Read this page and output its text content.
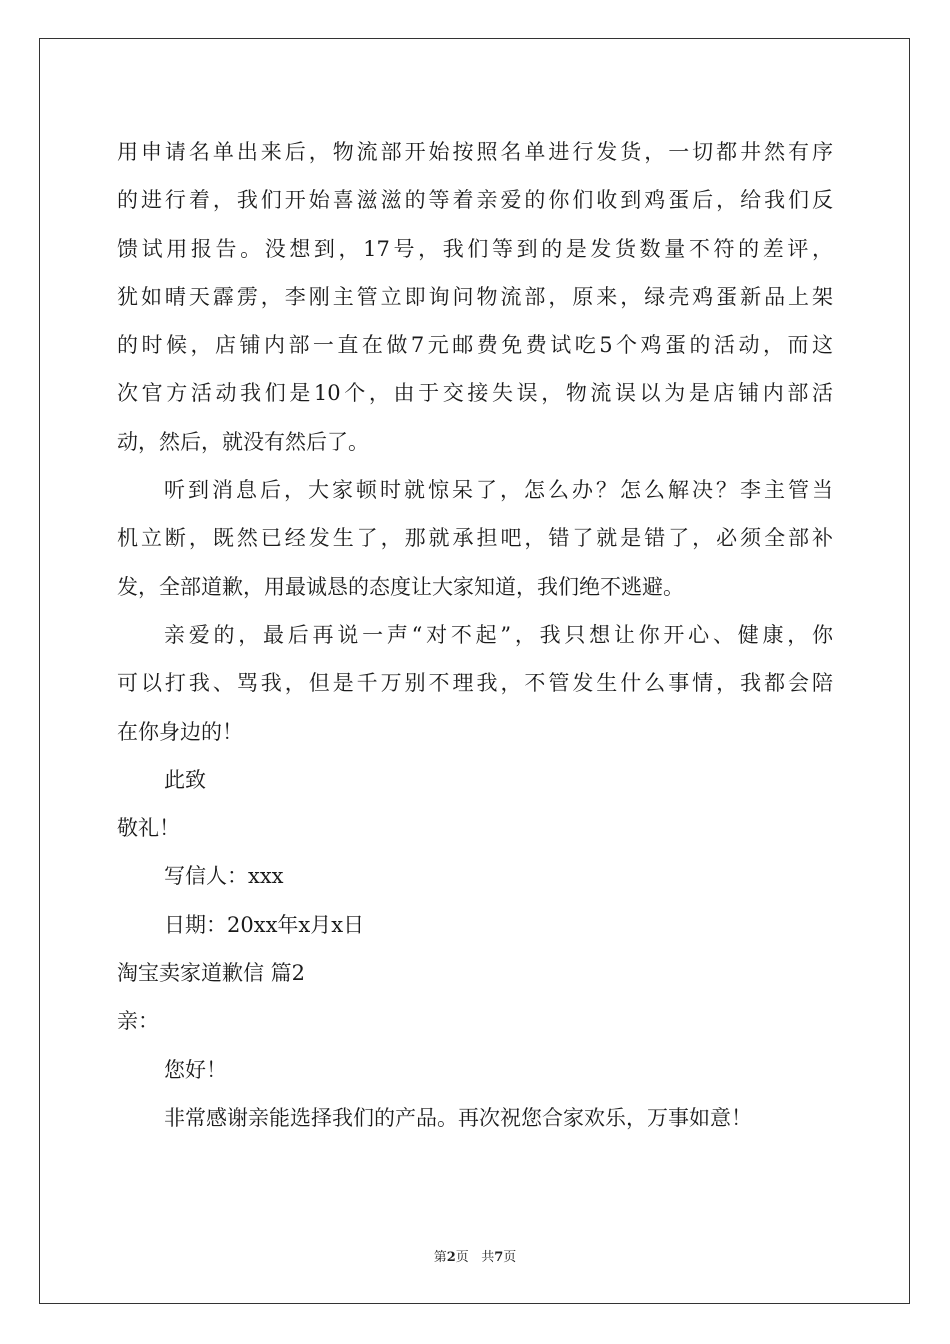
用申请名单出来后，物流部开始按照名单进行发货，一切都井然有序
的进行着，我们开始喜滋滋的等着亲爱的你们收到鸡蛋后，给我们反
馈试用报告。没想到，17号，我们等到的是发货数量不符的差评，
犹如晴天霹雳，李刚主管立即询问物流部，原来，绿壳鸡蛋新品上架
的时候，店铺内部一直在做7元邮费免费试吃5个鸡蛋的活动，而这
次官方活动我们是10个，由于交接失误，物流误以为是店铺内部活
动，然后，就没有然后了。
听到消息后，大家顿时就惊呆了，怎么办？怎么解决？李主管当
机立断，既然已经发生了，那就承担吧，错了就是错了，必须全部补
发，全部道歉，用最诚恳的态度让大家知道，我们绝不逃避。
亲爱的，最后再说一声“对不起”，我只想让你开心、健康，你
可以打我、骂我，但是千万别不理我，不管发生什么事情，我都会陪
在你身边的！
此致
敬礼！
写信人：xxx
日期：20xx年x月x日
淘宝卖家道歉信 篇2
亲：
您好！
非常感谢亲能选择我们的产品。再次祝您合家欢乐，万事如意！
第2页 共7页
